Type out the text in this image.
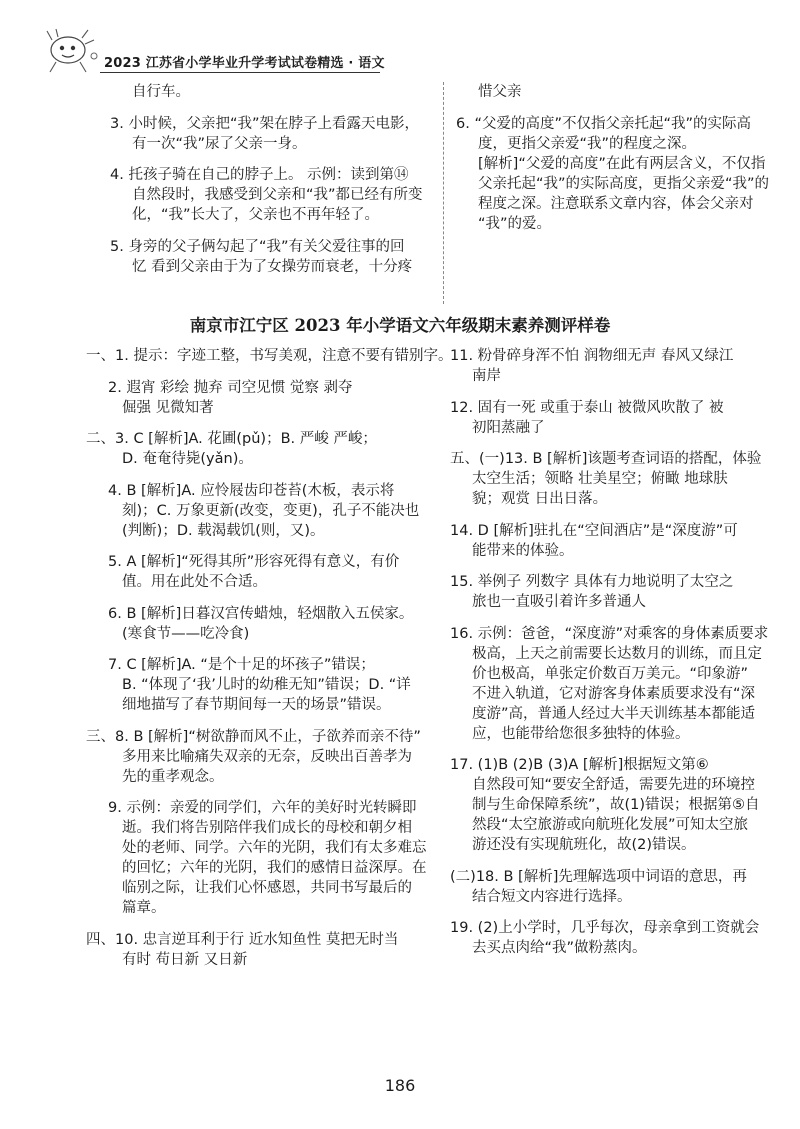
2023 江苏省小学毕业升学考试试卷精选 · 语文
自行车。
3. 小时候，父亲把“我”架在脖子上看露天电影，
有一次“我”尿了父亲一身。
4. 托孩子骑在自己的脖子上。 示例：读到第⑭
自然段时，我感受到父亲和“我”都已经有所变
化，“我”长大了，父亲也不再年轻了。
5. 身旁的父子俩勾起了“我”有关父爱往事的回
忆 看到父亲由于为了女操劳而衰老，十分疼
惜父亲
6. “父爱的高度”不仅指父亲托起“我”的实际高
度，更指父亲爱“我”的程度之深。
[解析]“父爱的高度”在此有两层含义，不仅指
父亲托起“我”的实际高度，更指父亲爱“我”的
程度之深。注意联系文章内容，体会父亲对
“我”的爱。
南京市江宁区 2023 年小学语文六年级期末素养测评样卷
一、1. 提示：字迹工整，书写美观，注意不要有错别字。
2. 遐宵 彩绘 抛弃 司空见惯 觉察 剥夺
倔强 见微知著
二、3. C [解析]A. 花圃(pǔ)；B. 严峻 严峻；
D. 奄奄待毙(yǎn)。
4. B [解析]A. 应怜屐齿印苍苔(木板，表示将
刻)；C. 万象更新(改变，变更)，孔子不能决也
(判断)；D. 载渴载饥(则，又)。
5. A [解析]“死得其所”形容死得有意义，有价
值。用在此处不合适。
6. B [解析]日暮汉宫传蜡烛，轻烟散入五侯家。
(寒食节——吃冷食)
7. C [解析]A. “是个十足的坏孩子”错误；
B. “体现了‘我’儿时的幼稚无知”错误；D. “详
细地描写了春节期间每一天的场景”错误。
三、8. B [解析]“树欲静而风不止，子欲养而亲不待”
多用来比喻痛失双亲的无奈，反映出百善孝为
先的重孝观念。
9. 示例：亲爱的同学们，六年的美好时光转瞬即
逝。我们将告别陪伴我们成长的母校和朝夕相
处的老师、同学。六年的光阴，我们有太多难忘
的回忆；六年的光阴，我们的感情日益深厚。在
临别之际，让我们心怀感恩，共同书写最后的
篇章。
四、10. 忠言逆耳利于行 近水知鱼性 莫把无时当
有时 苟日新 又日新
11. 粉骨碎身浑不怕 润物细无声 春风又绿江
南岸
12. 固有一死 或重于泰山 被微风吹散了 被
初阳蒸融了
五、(一)13. B [解析]该题考查词语的搭配，体验
太空生活；领略 壮美星空；俯瞰 地球肤
貌；观赏 日出日落。
14. D [解析]驻扎在“空间酒店”是“深度游”可
能带来的体验。
15. 举例子 列数字 具体有力地说明了太空之
旅也一直吸引着许多普通人
16. 示例：爸爸，“深度游”对乘客的身体素质要求
极高，上天之前需要长达数月的训练，而且定
价也极高，单张定价数百万美元。“印象游”
不进入轨道，它对游客身体素质要求没有“深
度游”高，普通人经过大半天训练基本都能适
应，也能带给您很多独特的体验。
17. (1)B (2)B (3)A [解析]根据短文第⑥
自然段可知“要安全舒适，需要先进的环境控
制与生命保障系统”，故(1)错误；根据第⑤自
然段“太空旅游或向航班化发展”可知太空旅
游还没有实现航班化，故(2)错误。
(二)18. B [解析]先理解选项中词语的意思，再
结合短文内容进行选择。
19. (2)上小学时，几乎每次，母亲拿到工资就会
去买点肉给“我”做粉蒸肉。
186
